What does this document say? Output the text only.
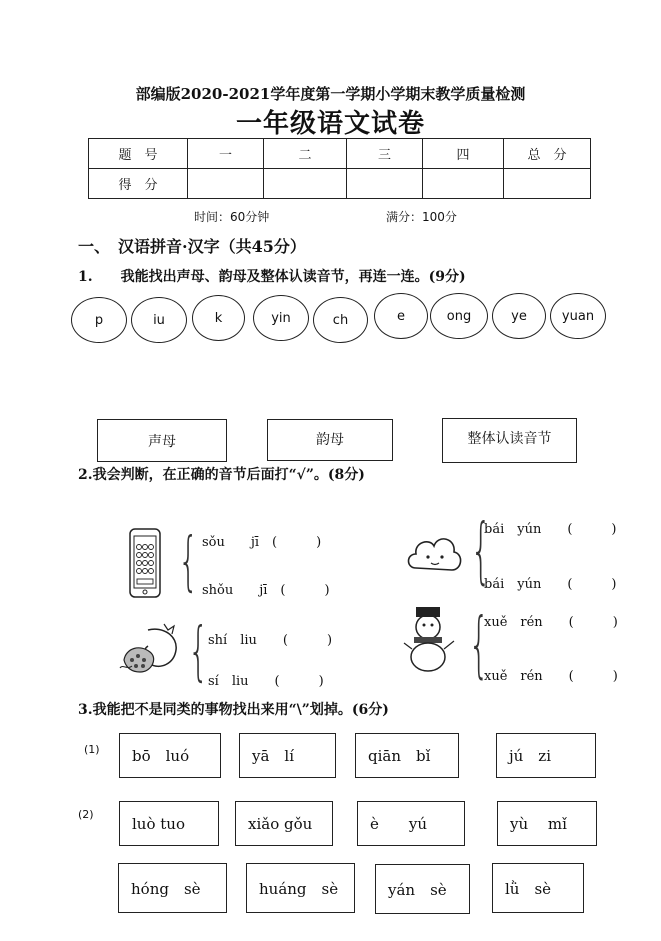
部编版2020-2021学年度第一学期小学期末教学质量检测
一年级语文试卷
题　号	一	二	三	四	总　分
得　分					
时间：60分钟	满分：100分
一、　汉语拼音·汉字（共45分）
1.　　我能找出声母、韵母及整体认读音节，再连一连。(9分)
p	iu	k	yin	ch	e	ong	ye	yuan
声母	韵母	整体认读音节
2.我会判断，在正确的音节后面打“√”。(8分)
{ sǒu　　jī　(　　　)
shǒu　　jī　(　　　)
{ shí　liu　　(　　　)
sí　liu　　(　　　)
{
bái　yún　　(　　　)
bái　yún　　(　　　)
{
xuě　rén　　(　　　)
xuě　rén　　(　　　)
3.我能把不是同类的事物找出来用“\”划掉。(6分)
(1)	bō　luó	yā　lí	qiān　bǐ	jú　zi
(2)	luò tuo	xiǎo gǒu	è　　yú	yù　 mǐ
hóng　sè	huáng　sè	yán　sè	lǜ　sè
